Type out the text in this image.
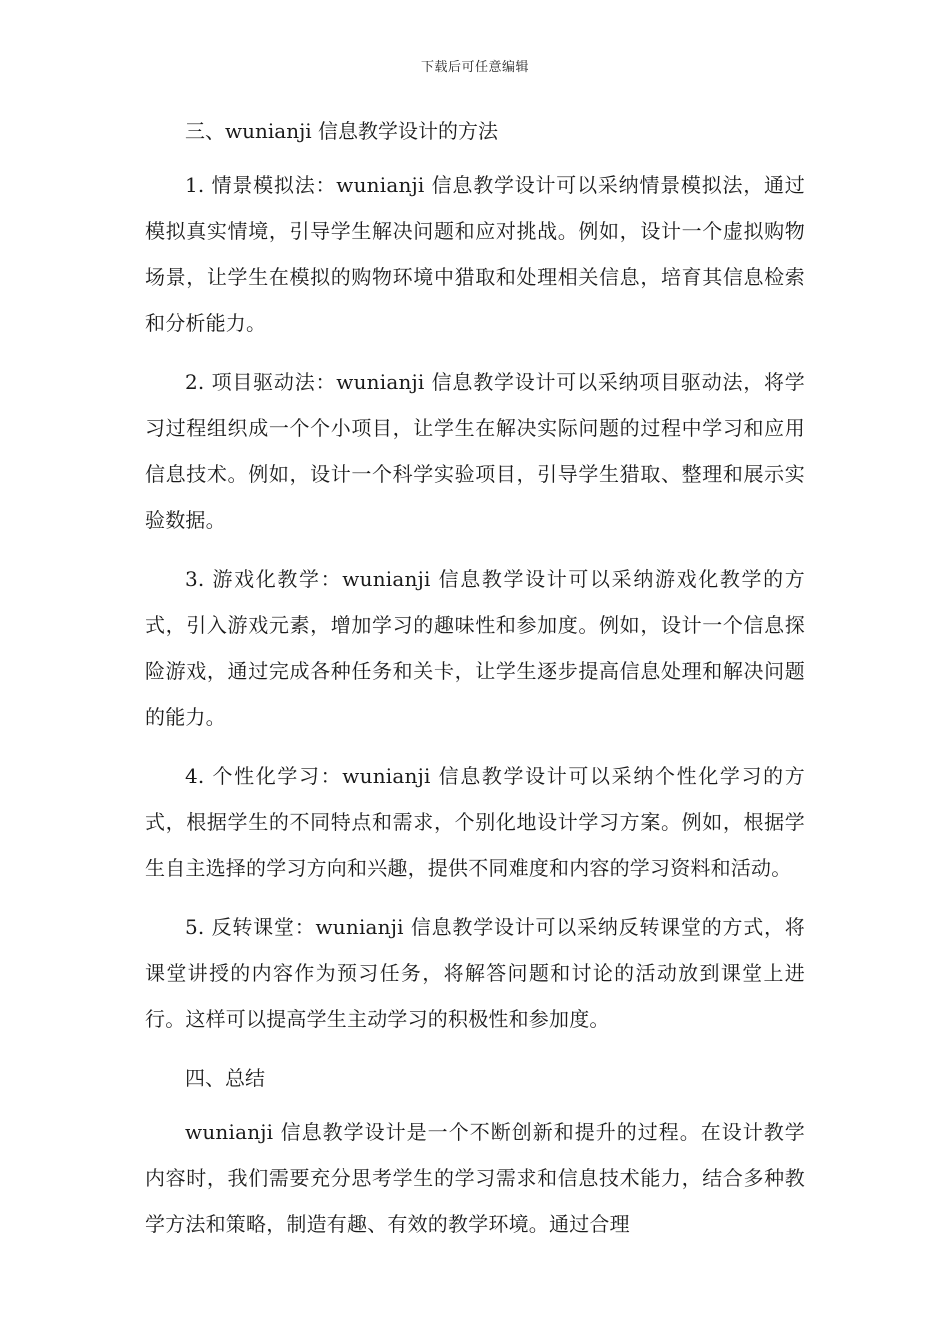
下载后可任意编辑

三、wunianji 信息教学设计的方法

1. 情景模拟法：wunianji 信息教学设计可以采纳情景模拟法，通过模拟真实情境，引导学生解决问题和应对挑战。例如，设计一个虚拟购物场景，让学生在模拟的购物环境中猎取和处理相关信息，培育其信息检索和分析能力。

2. 项目驱动法：wunianji 信息教学设计可以采纳项目驱动法，将学习过程组织成一个个小项目，让学生在解决实际问题的过程中学习和应用信息技术。例如，设计一个科学实验项目，引导学生猎取、整理和展示实验数据。

3. 游戏化教学：wunianji 信息教学设计可以采纳游戏化教学的方式，引入游戏元素，增加学习的趣味性和参加度。例如，设计一个信息探险游戏，通过完成各种任务和关卡，让学生逐步提高信息处理和解决问题的能力。

4. 个性化学习：wunianji 信息教学设计可以采纳个性化学习的方式，根据学生的不同特点和需求，个别化地设计学习方案。例如，根据学生自主选择的学习方向和兴趣，提供不同难度和内容的学习资料和活动。

5. 反转课堂：wunianji 信息教学设计可以采纳反转课堂的方式，将课堂讲授的内容作为预习任务，将解答问题和讨论的活动放到课堂上进行。这样可以提高学生主动学习的积极性和参加度。

四、总结

wunianji 信息教学设计是一个不断创新和提升的过程。在设计教学内容时，我们需要充分思考学生的学习需求和信息技术能力，结合多种教学方法和策略，制造有趣、有效的教学环境。通过合理
